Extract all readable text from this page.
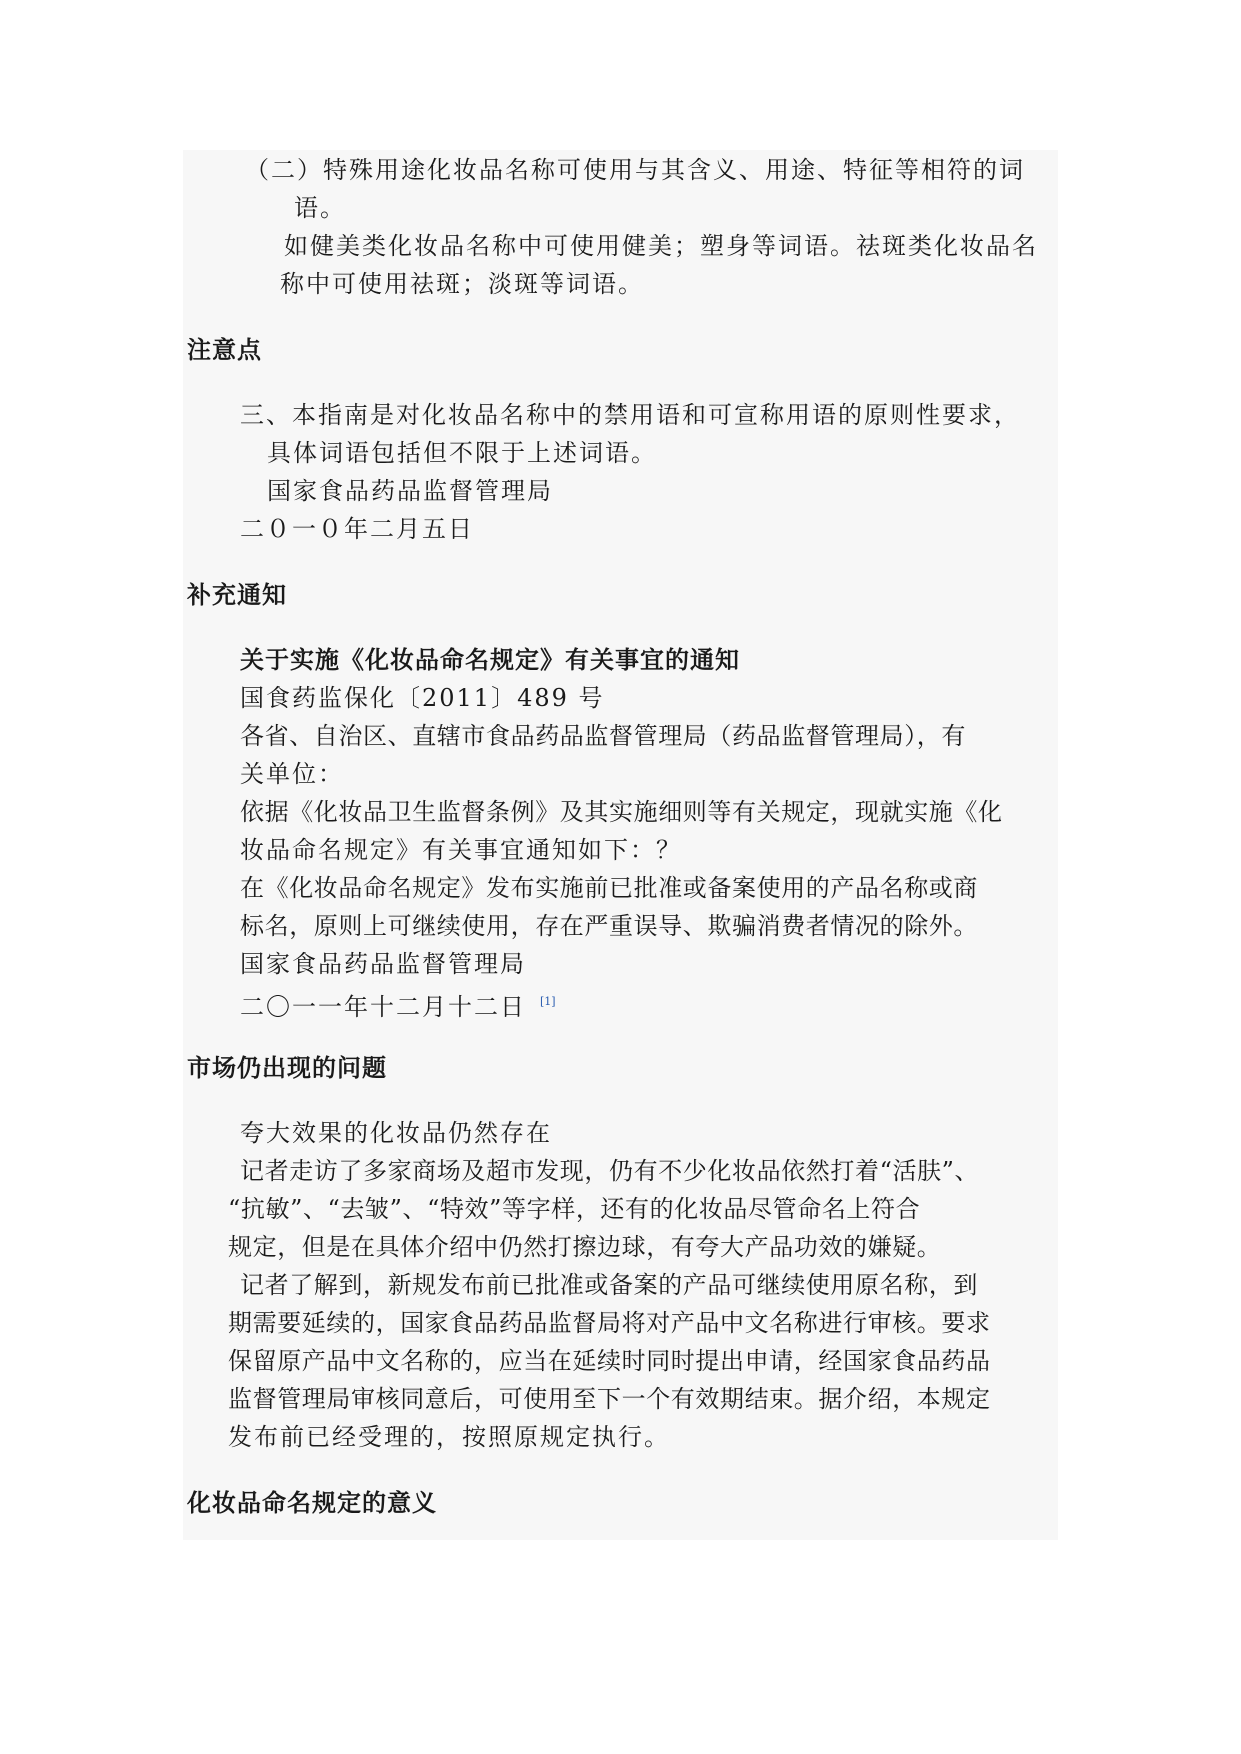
（二）特殊用途化妆品名称可使用与其含义、用途、特征等相符的词
语。
如健美类化妆品名称中可使用健美；塑身等词语。祛斑类化妆品名
称中可使用祛斑；淡斑等词语。
注意点
三、本指南是对化妆品名称中的禁用语和可宣称用语的原则性要求，
具体词语包括但不限于上述词语。
国家食品药品监督管理局
二０一０年二月五日
补充通知
关于实施《化妆品命名规定》有关事宜的通知
国食药监保化〔2011〕489 号
各省、自治区、直辖市食品药品监督管理局（药品监督管理局），有
关单位：
依据《化妆品卫生监督条例》及其实施细则等有关规定，现就实施《化
妆品命名规定》有关事宜通知如下：？
在《化妆品命名规定》发布实施前已批准或备案使用的产品名称或商
标名，原则上可继续使用，存在严重误导、欺骗消费者情况的除外。
国家食品药品监督管理局
二〇一一年十二月十二日 [1]
市场仍出现的问题
夸大效果的化妆品仍然存在
记者走访了多家商场及超市发现，仍有不少化妆品依然打着“活肤”、
“抗敏”、“去皱”、“特效”等字样，还有的化妆品尽管命名上符合
规定，但是在具体介绍中仍然打擦边球，有夸大产品功效的嫌疑。
记者了解到，新规发布前已批准或备案的产品可继续使用原名称，到
期需要延续的，国家食品药品监督局将对产品中文名称进行审核。要求
保留原产品中文名称的，应当在延续时同时提出申请，经国家食品药品
监督管理局审核同意后，可使用至下一个有效期结束。据介绍，本规定
发布前已经受理的，按照原规定执行。
化妆品命名规定的意义
